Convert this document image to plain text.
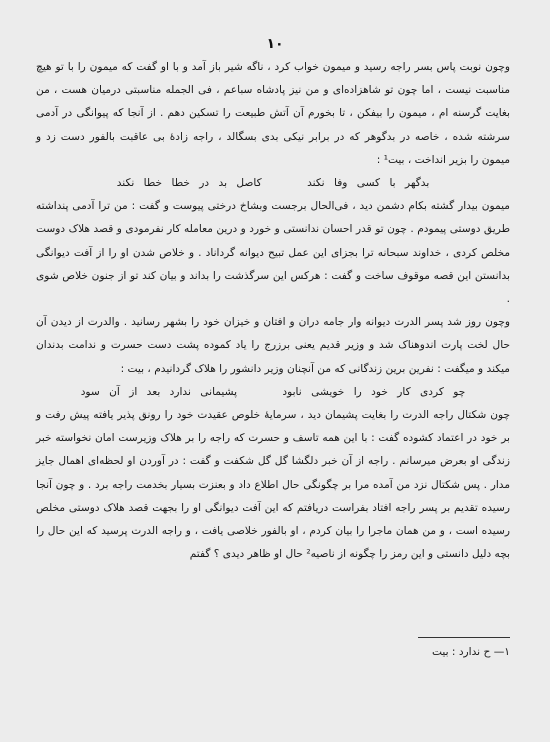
١٠

وچون نوبت پاس بسر راجه رسید و میمون خواب کرد ، ناگه شیر باز آمد و با او گفت که میمون را با تو هیچ مناسبت نیست ، اما چون تو شاهزاده‌ای و من نیز پادشاه سباعم ، فی الجمله مناسبتی درمیان هست ، من بغایت گرسنه ام ، میمون را بیفکن ، تا بخورم آن آتش طبیعت را تسکین دهم . از آنجا که پیوانگی در آدمی سرشته شده ، خاصه در بدگوهر که در برابر نیکی بدی بسگالد ، راجه زادۀ بی عاقبت بالفور دست زد و میمون را بزیر انداخت ، بیت¹ :

بدگهر با کسی وفا نکند کاصل بد در خطا خطا نکند

میمون بیدار گشته بکام دشمن دید ، فی‌الحال برجست وبشاخ درختی پیوست و گفت : من ترا آدمی پنداشته طریق دوستی پیمودم . چون تو قدر احسان ندانستی و خورد و درین معامله کار نفرمودی و قصد هلاک دوست مخلص کردی ، خداوند سبحانه ترا بجزای این عمل تبیح دیوانه گرداناد . و خلاص شدن او را از آفت دیوانگی بدانستن این قصه موقوف ساخت و گفت : هرکس این سرگذشت را بداند و بیان کند تو از جنون خلاص شوی .

وچون روز شد پسر الدرت دیوانه وار جامه دران و افتان و خیزان خود را بشهر رسانید . والدرت از دیدن آن حال لخت پارت اندوهناک شد و وزیر قدیم یعنی برزرج را یاد کموده پشت دست حسرت و ندامت بدندان میکند و میگفت : نفرین برین زندگانی که من آنچنان وزیر دانشور را هلاک گردانیدم ، بیت :

چو کردی کار خود را خویشی نابود پشیمانی ندارد بعد از آن سود

چون شکتال راجه الدرت را بغایت پشیمان دید ، سرمایۀ خلوص عقیدت خود را رونق پذیر یافته پیش رفت و بر خود در اعتماد کشوده گفت : با این همه تاسف و حسرت که راجه را بر هلاک وزیرست امان نخواسته خبر زندگی او بعرض میرسانم . راجه از آن خبر دلگشا گل گل شکفت و گفت : در آوردن او لحظه‌ای اهمال جایز مدار . پس شکتال نزد من آمده مرا بر چگونگی حال اطلاع داد و بعنزت بسیار بخدمت راجه برد . و چون آنجا رسیده تقدیم بر پسر راجه افتاد بفراست دریافتم که این آفت دیوانگی او را بجهت قصد هلاک دوستی مخلص رسیده است ، و من همان ماجرا را بیان کردم ، او بالفور خلاصی یافت ، و راجه الدرت پرسید که این حال را بچه دلیل دانستی و این رمز را چگونه از ناصیه² حال او ظاهر دیدی ؟ گفتم

١— ح ندارد : بیت
